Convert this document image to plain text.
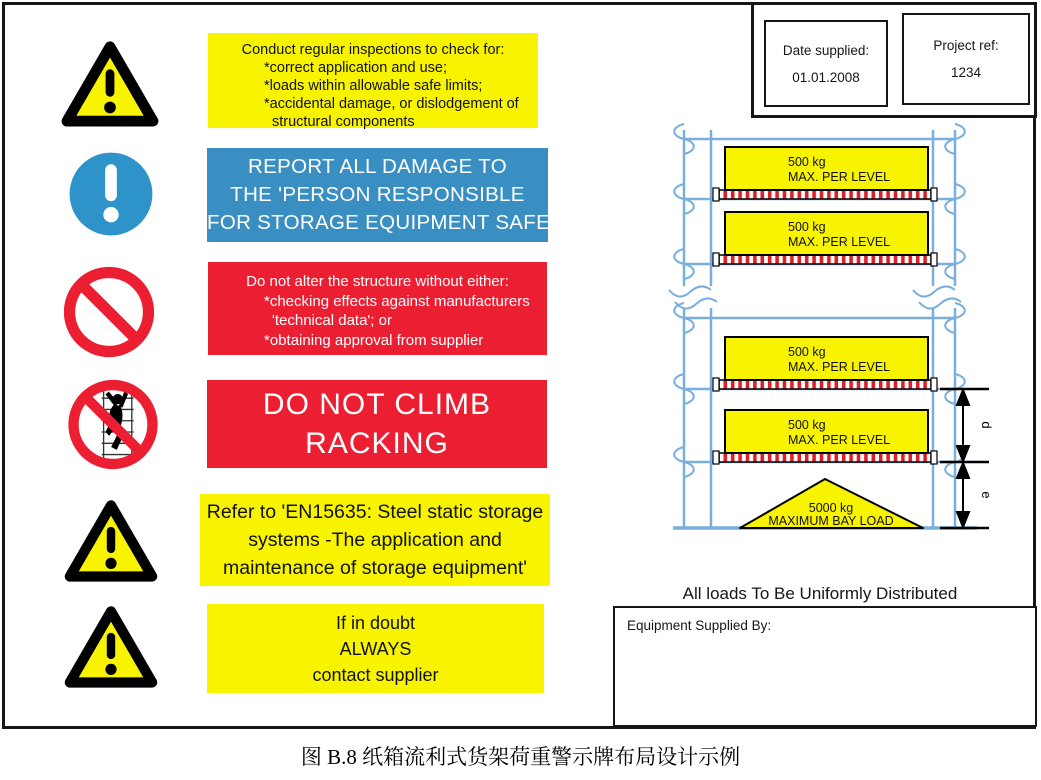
Conduct regular inspections to check for:
*correct application and use;
*loads within allowable safe limits;
*accidental damage, or dislodgement of
structural components
REPORT ALL DAMAGE TO
THE 'PERSON RESPONSIBLE
FOR STORAGE EQUIPMENT SAFETY'
Do not alter the structure without either:
*checking effects against manufacturers
'technical data'; or
*obtaining approval from supplier
DO NOT CLIMB
RACKING
Refer to 'EN15635: Steel static storage
systems -The application and
maintenance of storage equipment'
If in doubt
ALWAYS
contact supplier
Date supplied:
01.01.2008
Project ref:
1234
500 kg
MAX. PER LEVEL
500 kg
MAX. PER LEVEL
500 kg
MAX. PER LEVEL
500 kg
MAX. PER LEVEL
5000 kg
MAXIMUM BAY LOAD
d
e
All loads To Be Uniformly Distributed
Equipment Supplied By:
图 B.8 纸箱流利式货架荷重警示牌布局设计示例
